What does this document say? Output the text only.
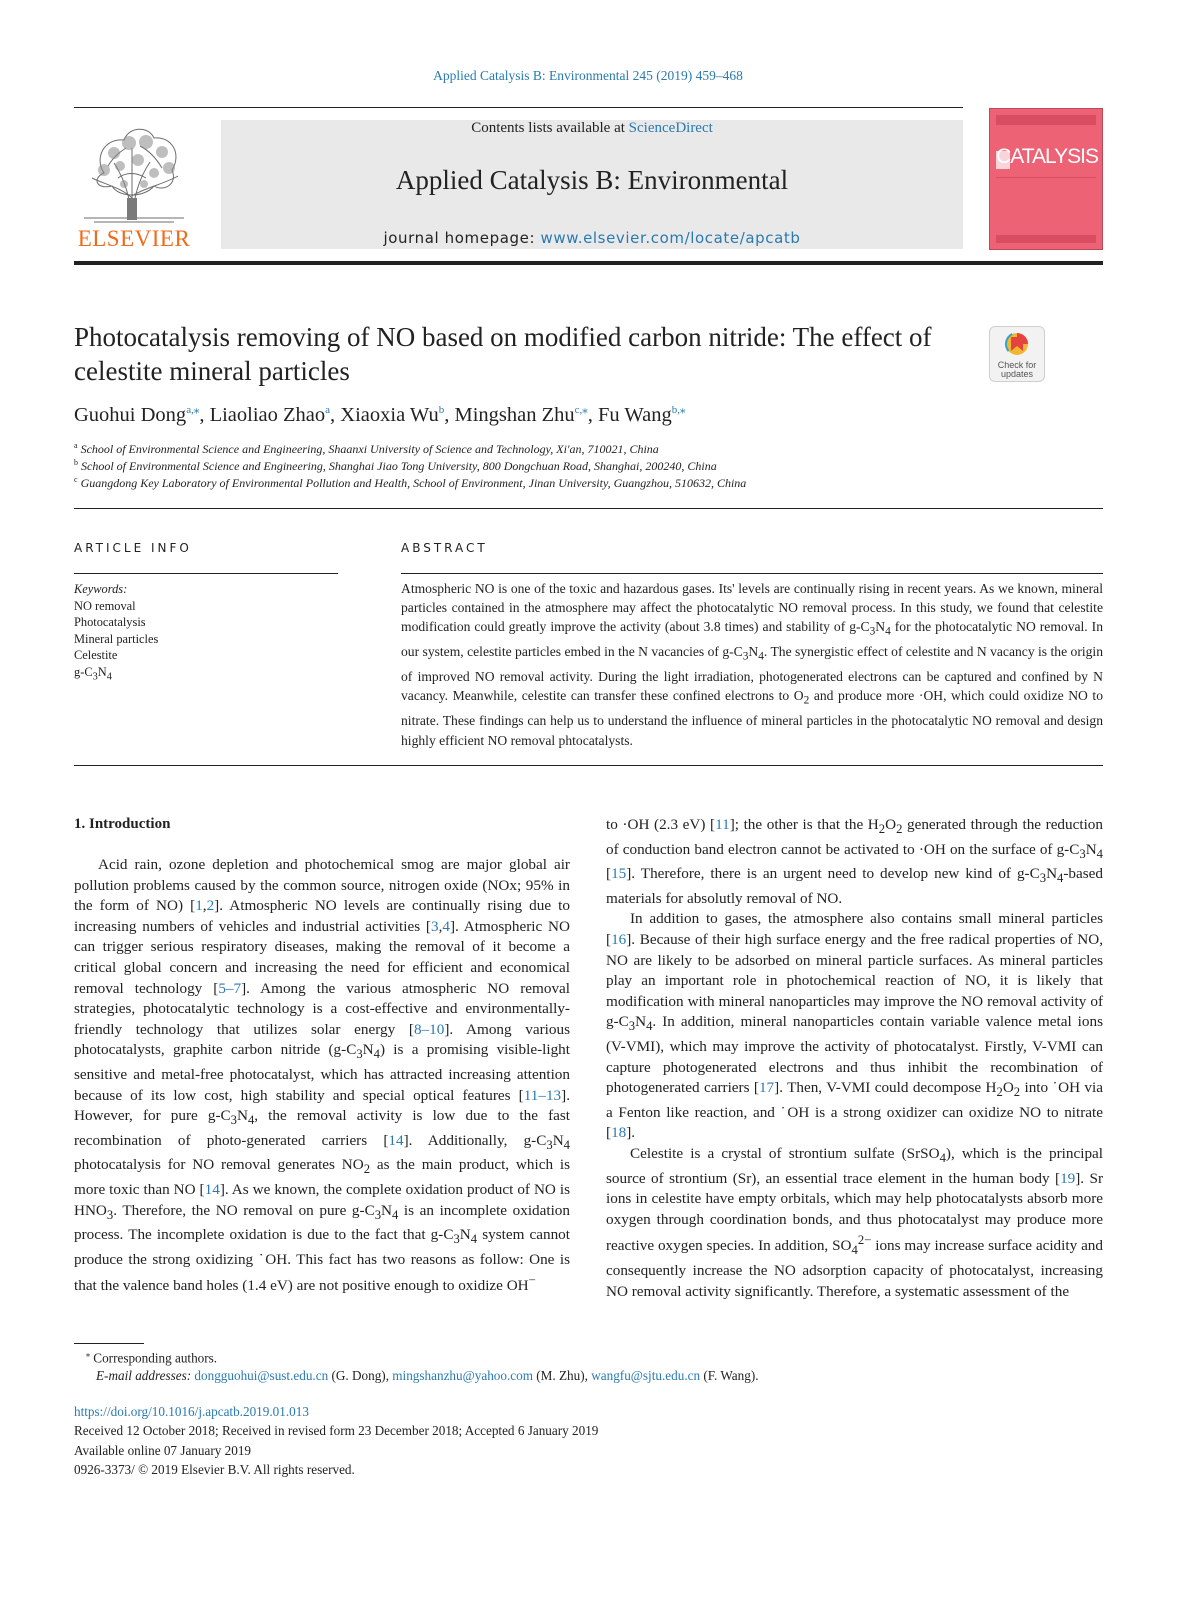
Applied Catalysis B: Environmental 245 (2019) 459–468
ELSEVIER
Contents lists available at ScienceDirect
Applied Catalysis B: Environmental
journal homepage: www.elsevier.com/locate/apcatb
CATALYSIS
Photocatalysis removing of NO based on modified carbon nitride: The effect of celestite mineral particles	Check for
updates
Guohui Dong$^{a,⁎}$, Liaoliao Zhao$^a$, Xiaoxia Wu$^b$, Mingshan Zhu$^{c,⁎}$, Fu Wang$^{b,⁎}$
$^a$ School of Environmental Science and Engineering, Shaanxi University of Science and Technology, Xi'an, 710021, China
$^b$ School of Environmental Science and Engineering, Shanghai Jiao Tong University, 800 Dongchuan Road, Shanghai, 200240, China
$^c$ Guangdong Key Laboratory of Environmental Pollution and Health, School of Environment, Jinan University, Guangzhou, 510632, China
ARTICLE INFO
Keywords:
NO removal
Photocatalysis
Mineral particles
Celestite
$g-C_3N_4$
ABSTRACT
Atmospheric NO is one of the toxic and hazardous gases. Its' levels are continually rising in recent years. As we known, mineral particles contained in the atmosphere may affect the photocatalytic NO removal process. In this study, we found that celestite modification could greatly improve the activity (about 3.8 times) and stability of $g-C_3N_4$ for the photocatalytic NO removal. In our system, celestite particles embed in the N vacancies of $g-C_3N_4$. The synergistic effect of celestite and N vacancy is the origin of improved NO removal activity. During the light irradiation, photogenerated electrons can be captured and confined by N vacancy. Meanwhile, celestite can transfer these confined electrons to $O_2$ and produce more ·OH, which could oxidize NO to nitrate. These findings can help us to understand the influence of mineral particles in the photocatalytic NO removal and design highly efficient NO removal phtocatalysts.
1. Introduction

Acid rain, ozone depletion and photochemical smog are major global air pollution problems caused by the common source, nitrogen oxide (NOx; 95% in the form of NO) [1,2]. Atmospheric NO levels are continually rising due to increasing numbers of vehicles and industrial activities [3,4]. Atmospheric NO can trigger serious respiratory diseases, making the removal of it become a critical global concern and increasing the need for efficient and economical removal technology [5–7]. Among the various atmospheric NO removal strategies, photocatalytic technology is a cost-effective and environmentally-friendly technology that utilizes solar energy [8–10]. Among various photocatalysts, graphite carbon nitride $(g-C_3N_4)$ is a promising visible-light sensitive and metal-free photocatalyst, which has attracted increasing attention because of its low cost, high stability and special optical features [11–13]. However, for pure $g-C_3N_4$, the removal activity is low due to the fast recombination of photo-generated carriers [14]. Additionally, $g-C_3N_4$ photocatalysis for NO removal generates $NO_2$ as the main product, which is more toxic than NO [14]. As we known, the complete oxidation product of NO is $HNO_3$. Therefore, the NO removal on pure $g-C_3N_4$ is an incomplete oxidation process. The incomplete oxidation is due to the fact that $g-C_3N_4$ system cannot produce the strong oxidizing ˙OH. This fact has two reasons as follow: One is that the valence band holes (1.4 eV) are not positive enough to oxidize OH−

to ·OH (2.3 eV) [11]; the other is that the $H_2O_2$ generated through the reduction of conduction band electron cannot be activated to ·OH on the surface of $g-C_3N_4$ [15]. Therefore, there is an urgent need to develop new kind of $g-C_3N_4$-based materials for absolutly removal of NO.

In addition to gases, the atmosphere also contains small mineral particles [16]. Because of their high surface energy and the free radical properties of NO, NO are likely to be adsorbed on mineral particle surfaces. As mineral particles play an important role in photochemical reaction of NO, it is likely that modification with mineral nanoparticles may improve the NO removal activity of $g-C_3N_4$. In addition, mineral nanoparticles contain variable valence metal ions (V-VMI), which may improve the activity of photocatalyst. Firstly, V-VMI can capture photogenerated electrons and thus inhibit the recombination of photogenerated carriers [17]. Then, V-VMI could decompose $H_2O_2$ into ˙OH via a Fenton like reaction, and ˙OH is a strong oxidizer can oxidize NO to nitrate [18].

Celestite is a crystal of strontium sulfate (SrSO$_4$), which is the principal source of strontium (Sr), an essential trace element in the human body [19]. Sr ions in celestite have empty orbitals, which may help photocatalysts absorb more oxygen through coordination bonds, and thus photocatalyst may produce more reactive oxygen species. In addition, $SO_4^{2-}$ ions may increase surface acidity and consequently increase the NO adsorption capacity of photocatalyst, increasing NO removal activity significantly. Therefore, a systematic assessment of the

⁎ Corresponding authors.
E-mail addresses: dongguohui@sust.edu.cn (G. Dong), mingshanzhu@yahoo.com (M. Zhu), wangfu@sjtu.edu.cn (F. Wang).
https://doi.org/10.1016/j.apcatb.2019.01.013
Received 12 October 2018; Received in revised form 23 December 2018; Accepted 6 January 2019
Available online 07 January 2019
0926-3373/ © 2019 Elsevier B.V. All rights reserved.
